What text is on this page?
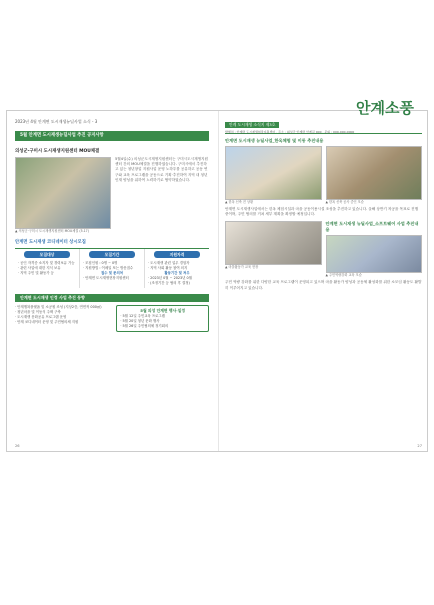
2023년 4월 안계면 도시재생뉴딜사업 소식 - 3
5월 안계면 도시재생뉴딜사업 추진 공지사항
의성군·구미시 도시재생지원센터 MOU체결
▲ 의성군·구미시 도시재생지원센터 MOU체결 (5.17)
5월4일(수) 의성군도시재생지원센터는 구미시도시재생지원센터 간의 MOU체결을 진행하였습니다. 구미시에서 추진하고 있는 청년창업 지원사업 운영 노하우를 공유하고 공동 연구와 교육 프로그램을 공동으로 기획·추진하여 지역 내 청년 인재 양성을 위하여 노력하기로 협약하였습니다.
안계면 도시재생 코디네이터 상시모집
모집대상
· 공인 자격증 소지자 및 경력보유 가능
· 관련 사업에 대한 지식 보유
· 지역 주민 및 활동가 등
모집기간
· 모집인원 : 0명 ~ 0명
· 지원방법 : 이메일 또는 방문접수
접수 및 문의처
· 안계면 도시재생현장지원센터
지원자격
· 도시재생 관련 업무 경험자
· 지역 사회 활동 참여 의지
활동기간 및 처우
· 2023년 0월 ~ 2023년 0월
· (조정기간 등 협의 후 결정)
안계면 도시재생 인정 사업 추진 동향
· 안계행복플랫폼 및 소공원 조성 (지상2층, 연면적 000㎡)
· 청년마을 및 이동식 주택 구축
· 도시재생 문화공유 프로그램 운영
· 안계 코디네이터 운영 및 주민협의체 지원
5월 의성 안계면 행사·일정
· 5월 12일 주민교육 프로그램
· 5월 20일 청년 문화 행사
· 5월 26일 주민협의체 정기회의
26
안계 도시재생 소식지 제3호
발행처 : 안계면 도시재생현장지원센터 · 주소 : 의성군 안계면 안계길 000 · 문의 : 000-000-0000
안계소풍
안계면 도시재생 뉴딜사업_한옥체험 및 이동 추진내용
▲ 한옥 신축 전 상황	▲ 한옥 신축 공사 중인 모습
안계면 도시재생사업에서는 한옥 체험시설과 마을 공동이용시설 조성을 추진하고 있습니다. 올해 상반기 착공을 목표로 진행 중이며, 주민 협의를 거쳐 세부 계획을 확정할 예정입니다.
▲ 마을활동가 교육 현장
안계면 도시재생 뉴딜사업_소프트웨어 사업 추진내용
▲ 주민역량강화 교육 모습
주민 역량 강화를 위한 다양한 교육 프로그램이 운영되고 있으며 마을 활동가 양성과 공동체 활성화를 위한 소모임 활동도 활발히 이루어지고 있습니다.
27
